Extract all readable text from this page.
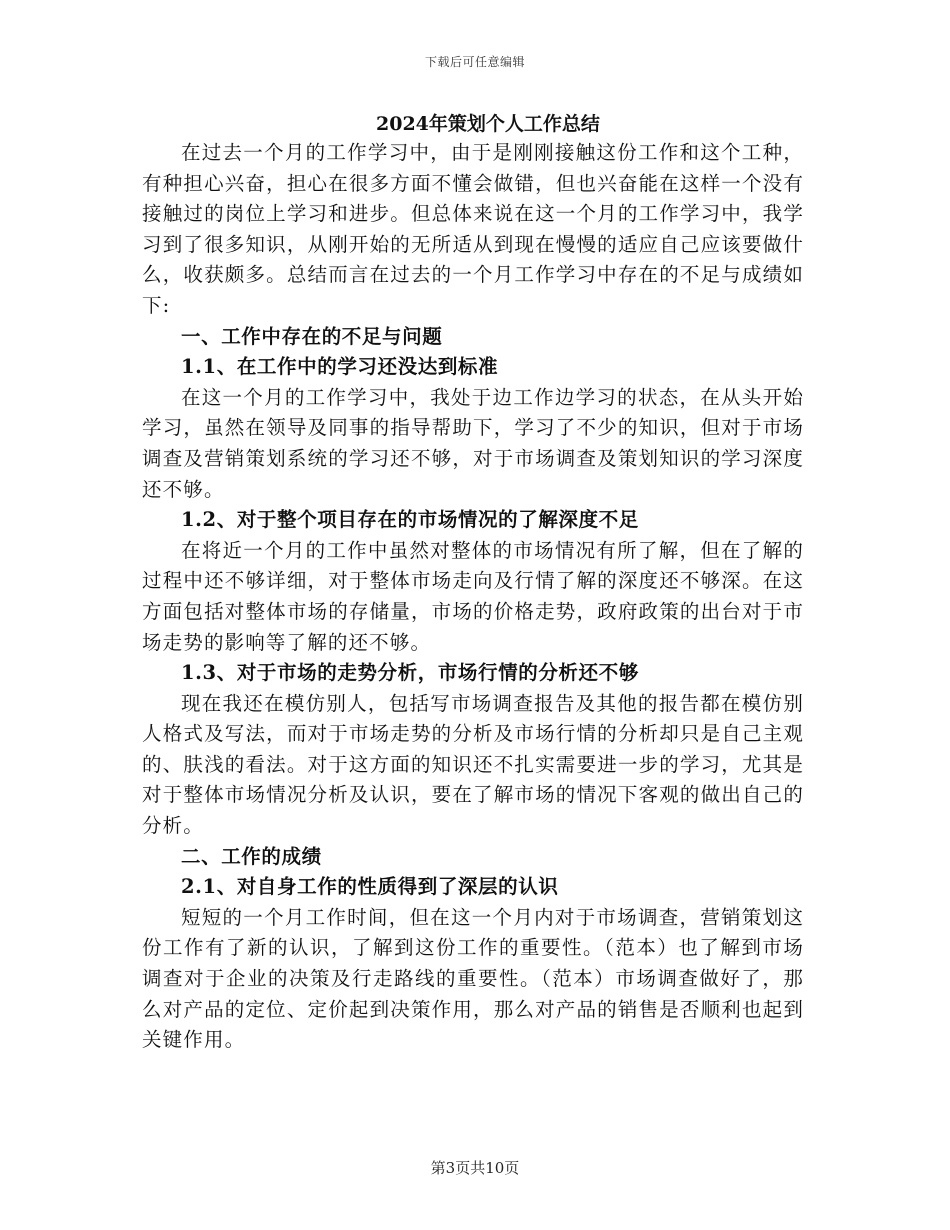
下载后可任意编辑
2024年策划个人工作总结

在过去一个月的工作学习中，由于是刚刚接触这份工作和这个工种，有种担心兴奋，担心在很多方面不懂会做错，但也兴奋能在这样一个没有接触过的岗位上学习和进步。但总体来说在这一个月的工作学习中，我学习到了很多知识，从刚开始的无所适从到现在慢慢的适应自己应该要做什么，收获颇多。总结而言在过去的一个月工作学习中存在的不足与成绩如下:

一、工作中存在的不足与问题
1.1、在工作中的学习还没达到标准

在这一个月的工作学习中，我处于边工作边学习的状态，在从头开始学习，虽然在领导及同事的指导帮助下，学习了不少的知识，但对于市场调查及营销策划系统的学习还不够，对于市场调查及策划知识的学习深度还不够。

1.2、对于整个项目存在的市场情况的了解深度不足

在将近一个月的工作中虽然对整体的市场情况有所了解，但在了解的过程中还不够详细，对于整体市场走向及行情了解的深度还不够深。在这方面包括对整体市场的存储量，市场的价格走势，政府政策的出台对于市场走势的影响等了解的还不够。

1.3、对于市场的走势分析，市场行情的分析还不够

现在我还在模仿别人，包括写市场调查报告及其他的报告都在模仿别人格式及写法，而对于市场走势的分析及市场行情的分析却只是自己主观的、肤浅的看法。对于这方面的知识还不扎实需要进一步的学习，尤其是对于整体市场情况分析及认识，要在了解市场的情况下客观的做出自己的分析。

二、工作的成绩
2.1、对自身工作的性质得到了深层的认识

短短的一个月工作时间，但在这一个月内对于市场调查，营销策划这份工作有了新的认识，了解到这份工作的重要性。（范本）也了解到市场调查对于企业的决策及行走路线的重要性。（范本）市场调查做好了，那么对产品的定位、定价起到决策作用，那么对产品的销售是否顺利也起到关键作用。

第3页共10页
